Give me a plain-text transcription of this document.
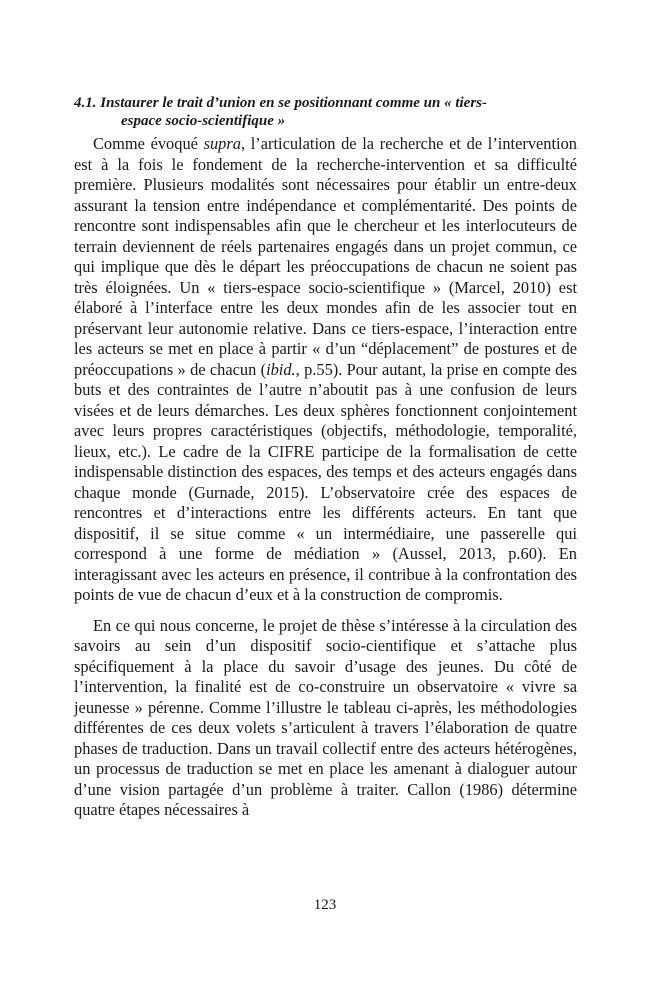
4.1. Instaurer le trait d’union en se positionnant comme un « tiers-
espace socio-scientifique »

Comme évoqué supra, l’articulation de la recherche et de l’intervention est à la fois le fondement de la recherche-intervention et sa difficulté première. Plusieurs modalités sont nécessaires pour établir un entre-deux assurant la tension entre indépendance et complémentarité. Des points de rencontre sont indispensables afin que le chercheur et les interlocuteurs de terrain deviennent de réels partenaires engagés dans un projet commun, ce qui implique que dès le départ les préoccupations de chacun ne soient pas très éloignées. Un « tiers-espace socio-scientifique » (Marcel, 2010) est élaboré à l’interface entre les deux mondes afin de les associer tout en préservant leur autonomie relative. Dans ce tiers-espace, l’interaction entre les acteurs se met en place à partir « d’un “déplacement” de postures et de préoccupations » de chacun (ibid., p.55). Pour autant, la prise en compte des buts et des contraintes de l’autre n’aboutit pas à une confusion de leurs visées et de leurs démarches. Les deux sphères fonctionnent conjointement avec leurs propres caractéristiques (objectifs, méthodologie, temporalité, lieux, etc.). Le cadre de la CIFRE participe de la formalisation de cette indispensable distinction des espaces, des temps et des acteurs engagés dans chaque monde (Gurnade, 2015). L’observatoire crée des espaces de rencontres et d’interactions entre les différents acteurs. En tant que dispositif, il se situe comme « un intermédiaire, une passerelle qui correspond à une forme de médiation » (Aussel, 2013, p.60). En interagissant avec les acteurs en présence, il contribue à la confrontation des points de vue de chacun d’eux et à la construction de compromis.

En ce qui nous concerne, le projet de thèse s’intéresse à la circulation des savoirs au sein d’un dispositif socio-cientifique et s’attache plus spécifiquement à la place du savoir d’usage des jeunes. Du côté de l’intervention, la finalité est de co-construire un observatoire « vivre sa jeunesse » pérenne. Comme l’illustre le tableau ci-après, les méthodologies différentes de ces deux volets s’articulent à travers l’élaboration de quatre phases de traduction. Dans un travail collectif entre des acteurs hétérogènes, un processus de traduction se met en place les amenant à dialoguer autour d’une vision partagée d’un problème à traiter. Callon (1986) détermine quatre étapes nécessaires à

123
